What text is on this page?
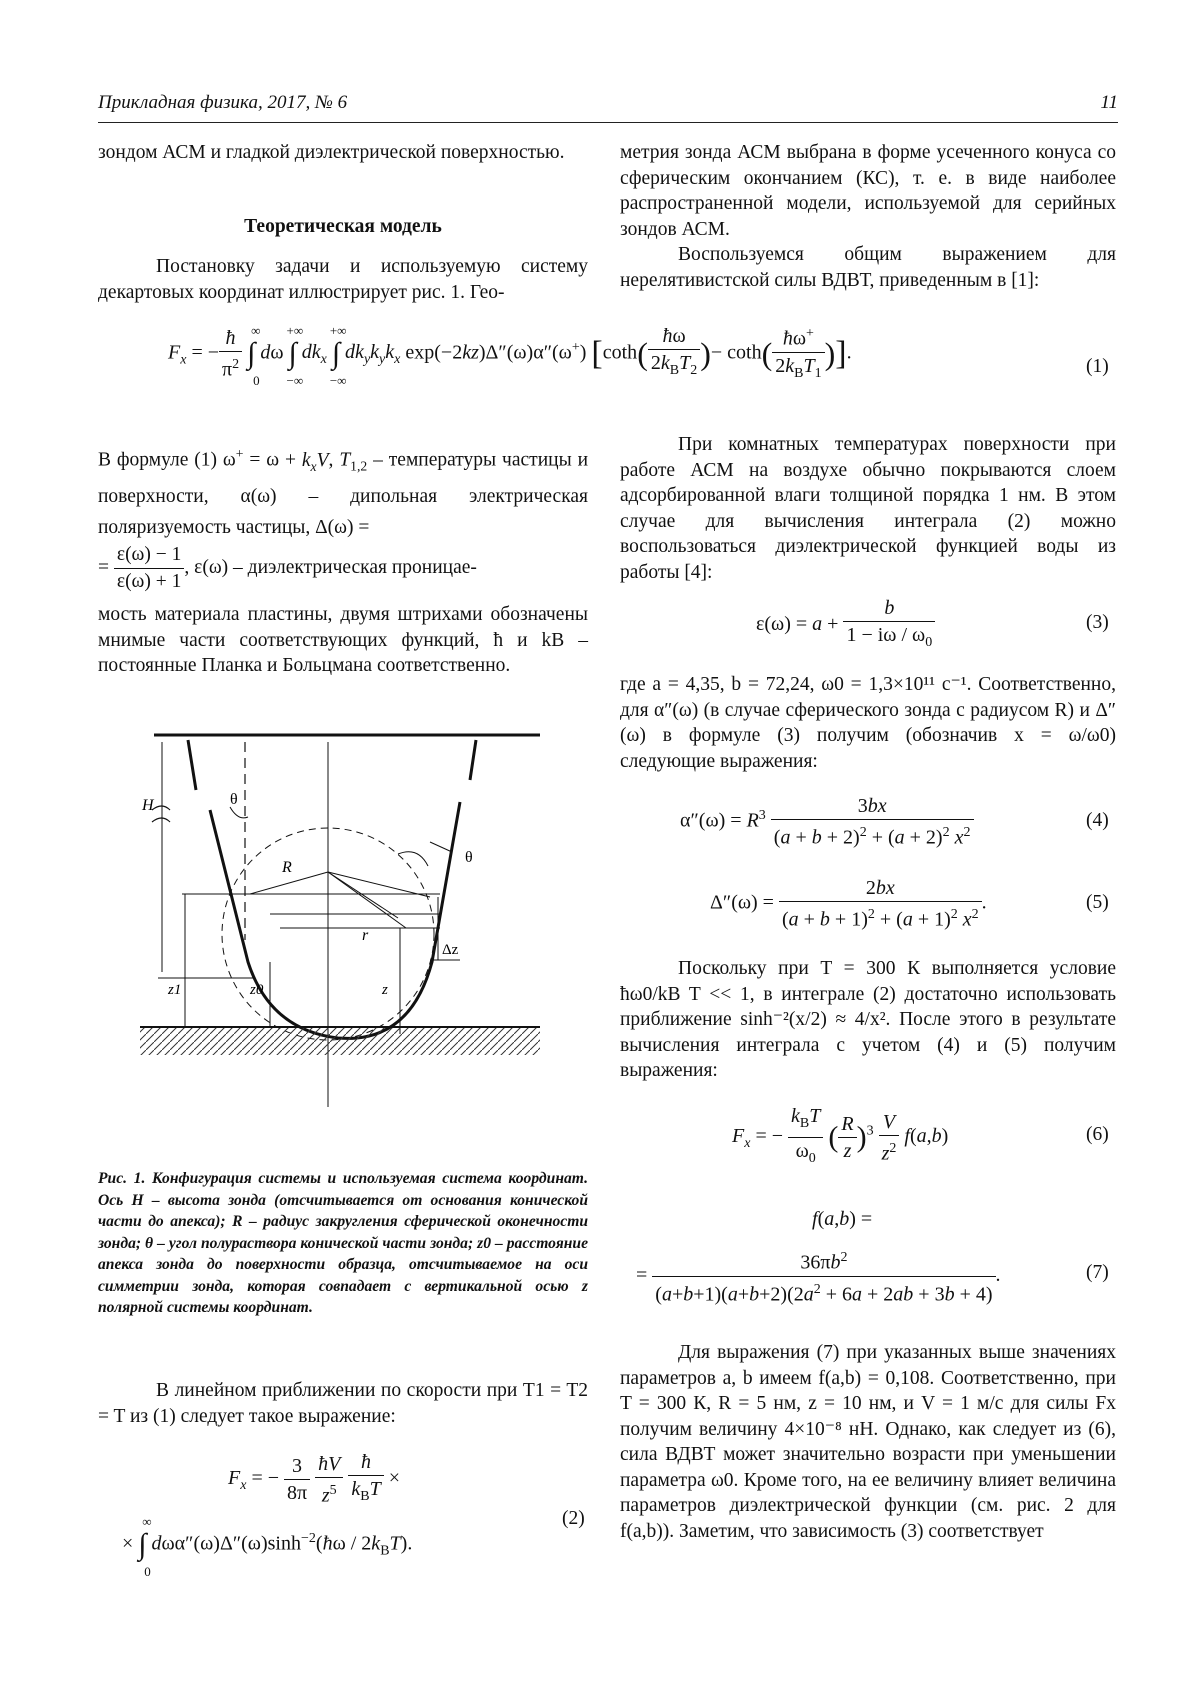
Прикладная физика, 2017, № 6	11

зондом АСМ и гладкой диэлектрической поверхностью.

Теоретическая модель

Постановку задачи и используемую систему декартовых координат иллюстрирует рис. 1. Гео-

метрия зонда АСМ выбрана в форме усеченного конуса со сферическим окончанием (КС), т. е. в виде наиболее распространенной модели, используемой для серийных зондов АСМ.

Воспользуемся общим выражением для нерелятивистской силы ВДВТ, приведенным в [1]:

$F_x$ = − $\frac{ħ}{\pi^2}$ ∫
∞
0
dω ∫
+∞
−∞
$dk_x$ ∫
+∞
−∞
$dk_yk_yk_x$ exp(−2kz)Δ″(ω)α″(ω+) [$\cot h( \frac{ħ\omega}{2k_BT_2}$ )− $\cot h( \frac{ħ\omega^+}{2k_BT_1}$ )].
(1)
В формуле (1) $\omega^+ = \omega + k_xV$, $T_{1,2}$ – температуры частицы и поверхности, α(ω) – дипольная электрическая поляризуемость частицы, Δ(ω) =
= $\frac{\varepsilon(\omega) - 1}{\varepsilon(\omega) + 1}$ , ε(ω) – диэлектрическая проницае-

мость материала пластины, двумя штрихами обозначены мнимые части соответствующих функций, ħ и kB – постоянные Планка и Больцмана соответственно.

H	θ
θ
R
r
Δz
z1	z0	z
Рис. 1. Конфигурация системы и используемая система координат. Ось H – высота зонда (отсчитывается от основания конической части до апекса); R – радиус закругления сферической оконечности зонда; θ – угол полураствора конической части зонда; z0 – расстояние апекса зонда до поверхности образца, отсчитываемое на оси симметрии зонда, которая совпадает с вертикальной осью z полярной системы координат.

В линейном приближении по скорости при T1 = T2 = T из (1) следует такое выражение:

$F_x$ = − $\frac{3}{8\pi}$
$\frac{ħV}{z^5}$
$\frac{ħ}{k_BT}$ ×
(2)
× ∫
∞
0
$d\omega\alpha''(\omega)\Delta''(\omega)\sinh^{-2}(ħ\omega / 2k_BT)$.

При комнатных температурах поверхности при работе АСМ на воздухе обычно покрываются слоем адсорбированной влаги толщиной порядка 1 нм. В этом случае для вычисления интеграла (2) можно воспользоваться диэлектрической функцией воды из работы [4]:

$\varepsilon(\omega) = a + \frac{b}{1 - i\omega / \omega_0}$	(3)

где a = 4,35, b = 72,24, ω0 = 1,3×10¹¹ с⁻¹. Соответственно, для α″(ω) (в случае сферического зонда с радиусом R) и Δ″(ω) в формуле (3) получим (обозначив x = ω/ω0) следующие выражения:

$\alpha''(\omega) = R^3 \frac{3bx}{(a + b + 2)^2 + (a + 2)^2 x^2}$	(4)
$\Delta''(\omega) = \frac{2bx}{(a + b + 1)^2 + (a + 1)^2 x^2}$ .	(5)

Поскольку при T = 300 К выполняется условие ħω0/kB T << 1, в интеграле (2) достаточно использовать приближение sinh⁻²(x/2) ≈ 4/x². После этого в результате вычисления интеграла с учетом (4) и (5) получим выражения:

$F_x$ = − $\frac{k_BT}{\omega_0}$ ( $\frac{R}{z} )^3 \frac{V}{z^2} f(a,b)$	(6)
f(a,b) =
= $\frac{36\pi b^2}{(a+b+1)(a+b+2)(2a^2 + 6a + 2ab + 3b + 4)}$ .	(7)

Для выражения (7) при указанных выше значениях параметров a, b имеем f(a,b) = 0,108. Соответственно, при T = 300 К, R = 5 нм, z = 10 нм, и V = 1 м/с для силы Fx получим величину 4×10⁻⁸ нН. Однако, как следует из (6), сила ВДВТ может значительно возрасти при уменьшении параметра ω0. Кроме того, на ее величину влияет величина параметров диэлектрической функции (см. рис. 2 для f(a,b)). Заметим, что зависимость (3) соответствует
